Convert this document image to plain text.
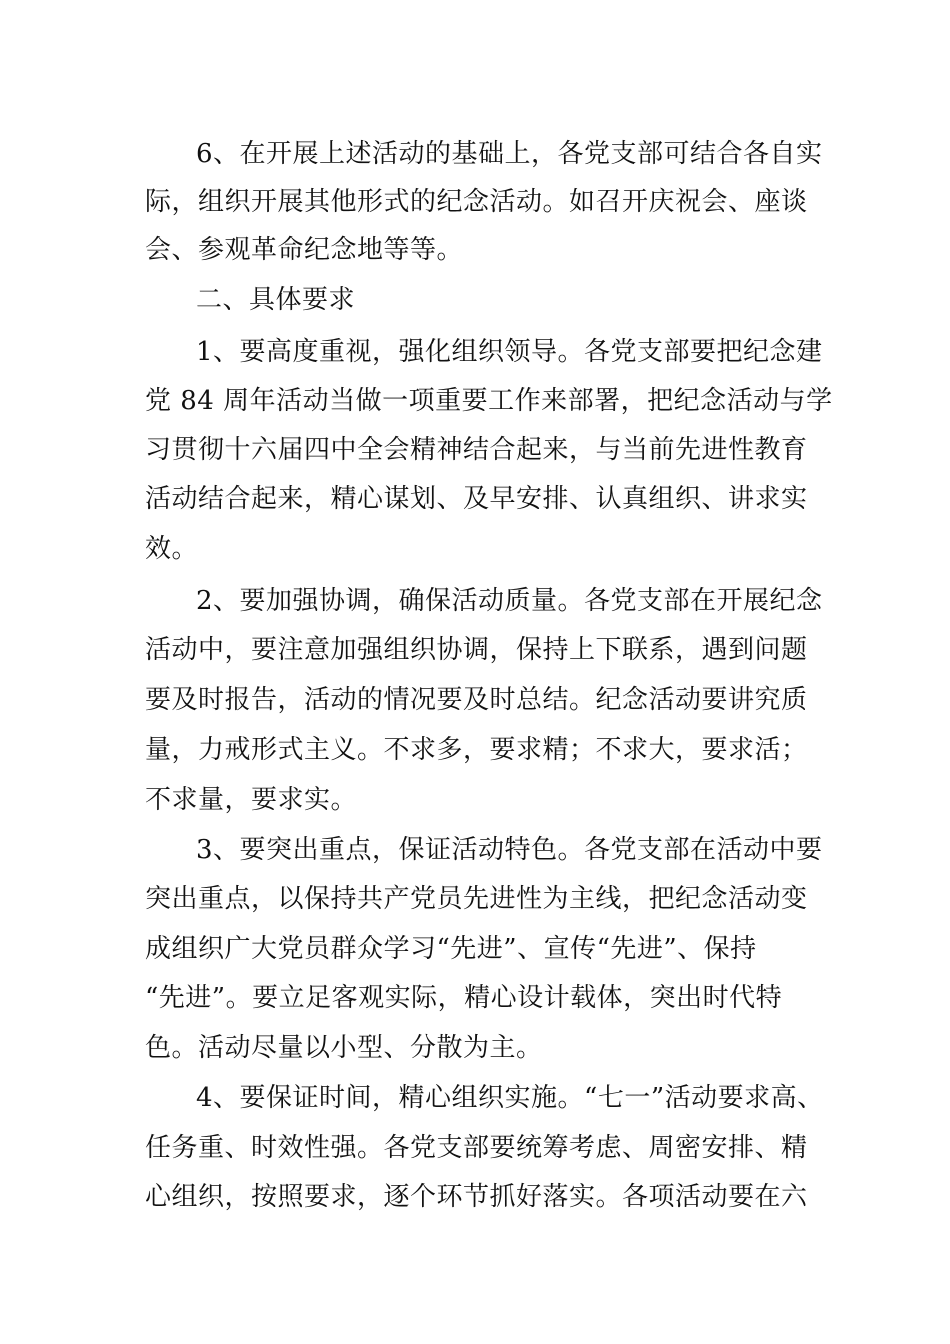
6、在开展上述活动的基础上，各党支部可结合各自实
际，组织开展其他形式的纪念活动。如召开庆祝会、座谈
会、参观革命纪念地等等。
二、具体要求
1、要高度重视，强化组织领导。各党支部要把纪念建
党 84 周年活动当做一项重要工作来部署，把纪念活动与学
习贯彻十六届四中全会精神结合起来，与当前先进性教育
活动结合起来，精心谋划、及早安排、认真组织、讲求实
效。
2、要加强协调，确保活动质量。各党支部在开展纪念
活动中，要注意加强组织协调，保持上下联系，遇到问题
要及时报告，活动的情况要及时总结。纪念活动要讲究质
量，力戒形式主义。不求多，要求精；不求大，要求活；
不求量，要求实。
3、要突出重点，保证活动特色。各党支部在活动中要
突出重点，以保持共产党员先进性为主线，把纪念活动变
成组织广大党员群众学习“先进”、宣传“先进”、保持
“先进”。要立足客观实际，精心设计载体，突出时代特
色。活动尽量以小型、分散为主。
4、要保证时间，精心组织实施。“七一”活动要求高、
任务重、时效性强。各党支部要统筹考虑、周密安排、精
心组织，按照要求，逐个环节抓好落实。各项活动要在六
